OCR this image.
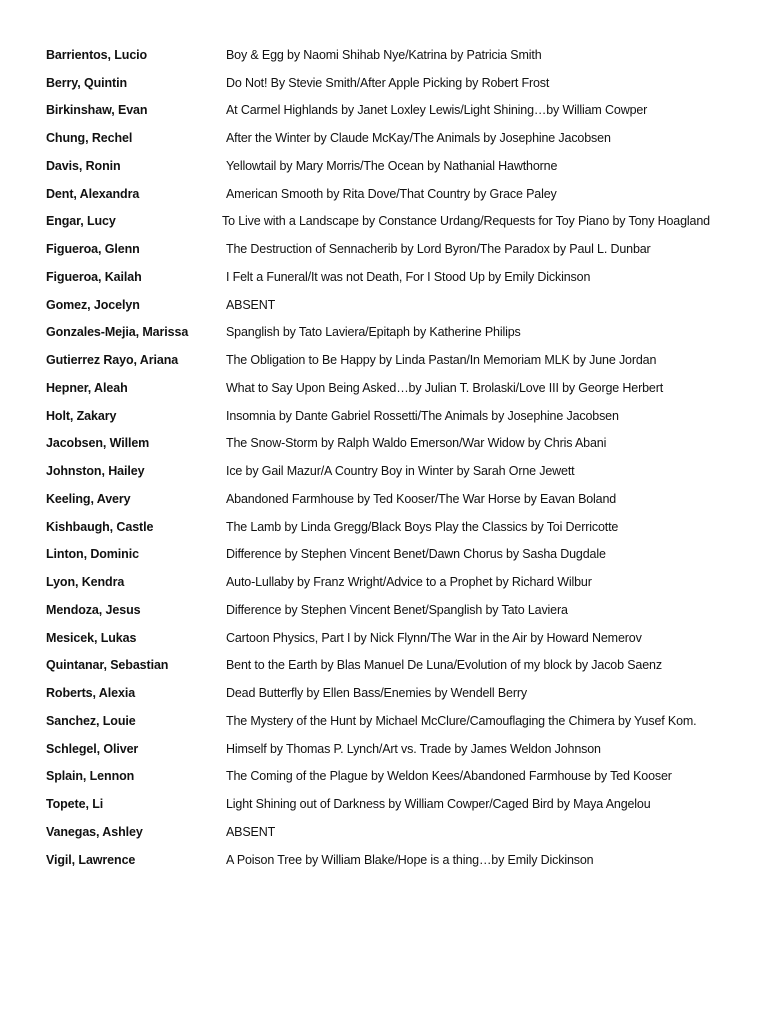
Barrientos, Lucio	Boy & Egg by Naomi Shihab Nye/Katrina by Patricia Smith
Berry, Quintin	Do Not! By Stevie Smith/After Apple Picking by Robert Frost
Birkinshaw, Evan	At Carmel Highlands by Janet Loxley Lewis/Light Shining…by William Cowper
Chung, Rechel	After the Winter by Claude McKay/The Animals by Josephine Jacobsen
Davis, Ronin	Yellowtail by Mary Morris/The Ocean by Nathanial Hawthorne
Dent, Alexandra	American Smooth by Rita Dove/That Country by Grace Paley
Engar, Lucy	To Live with a Landscape by Constance Urdang/Requests for Toy Piano by Tony Hoagland
Figueroa, Glenn	The Destruction of Sennacherib by Lord Byron/The Paradox by Paul L. Dunbar
Figueroa, Kailah	I Felt a Funeral/It was not Death, For I Stood Up by Emily Dickinson
Gomez, Jocelyn	ABSENT
Gonzales-Mejia, Marissa	Spanglish by Tato Laviera/Epitaph by Katherine Philips
Gutierrez Rayo, Ariana	The Obligation to Be Happy by Linda Pastan/In Memoriam MLK by June Jordan
Hepner, Aleah	What to Say Upon Being Asked…by Julian T. Brolaski/Love III by George Herbert
Holt, Zakary	Insomnia by Dante Gabriel Rossetti/The Animals by Josephine Jacobsen
Jacobsen, Willem	The Snow-Storm by Ralph Waldo Emerson/War Widow by Chris Abani
Johnston, Hailey	Ice by Gail Mazur/A Country Boy in Winter by Sarah Orne Jewett
Keeling, Avery	Abandoned Farmhouse by Ted Kooser/The War Horse by Eavan Boland
Kishbaugh, Castle	The Lamb by Linda Gregg/Black Boys Play the Classics by Toi Derricotte
Linton, Dominic	Difference by Stephen Vincent Benet/Dawn Chorus by Sasha Dugdale
Lyon, Kendra	Auto-Lullaby by Franz Wright/Advice to a Prophet by Richard Wilbur
Mendoza, Jesus	Difference by Stephen Vincent Benet/Spanglish by Tato Laviera
Mesicek, Lukas	Cartoon Physics, Part I by Nick Flynn/The War in the Air by Howard Nemerov
Quintanar, Sebastian	Bent to the Earth by Blas Manuel De Luna/Evolution of my block by Jacob Saenz
Roberts, Alexia	Dead Butterfly by Ellen Bass/Enemies by Wendell Berry
Sanchez, Louie	The Mystery of the Hunt by Michael McClure/Camouflaging the Chimera by Yusef Kom.
Schlegel, Oliver	Himself by Thomas P. Lynch/Art vs. Trade by James Weldon Johnson
Splain, Lennon	The Coming of the Plague by Weldon Kees/Abandoned Farmhouse by Ted Kooser
Topete, Li	Light Shining out of Darkness by William Cowper/Caged Bird by Maya Angelou
Vanegas, Ashley	ABSENT
Vigil, Lawrence	A Poison Tree by William Blake/Hope is a thing…by Emily Dickinson
